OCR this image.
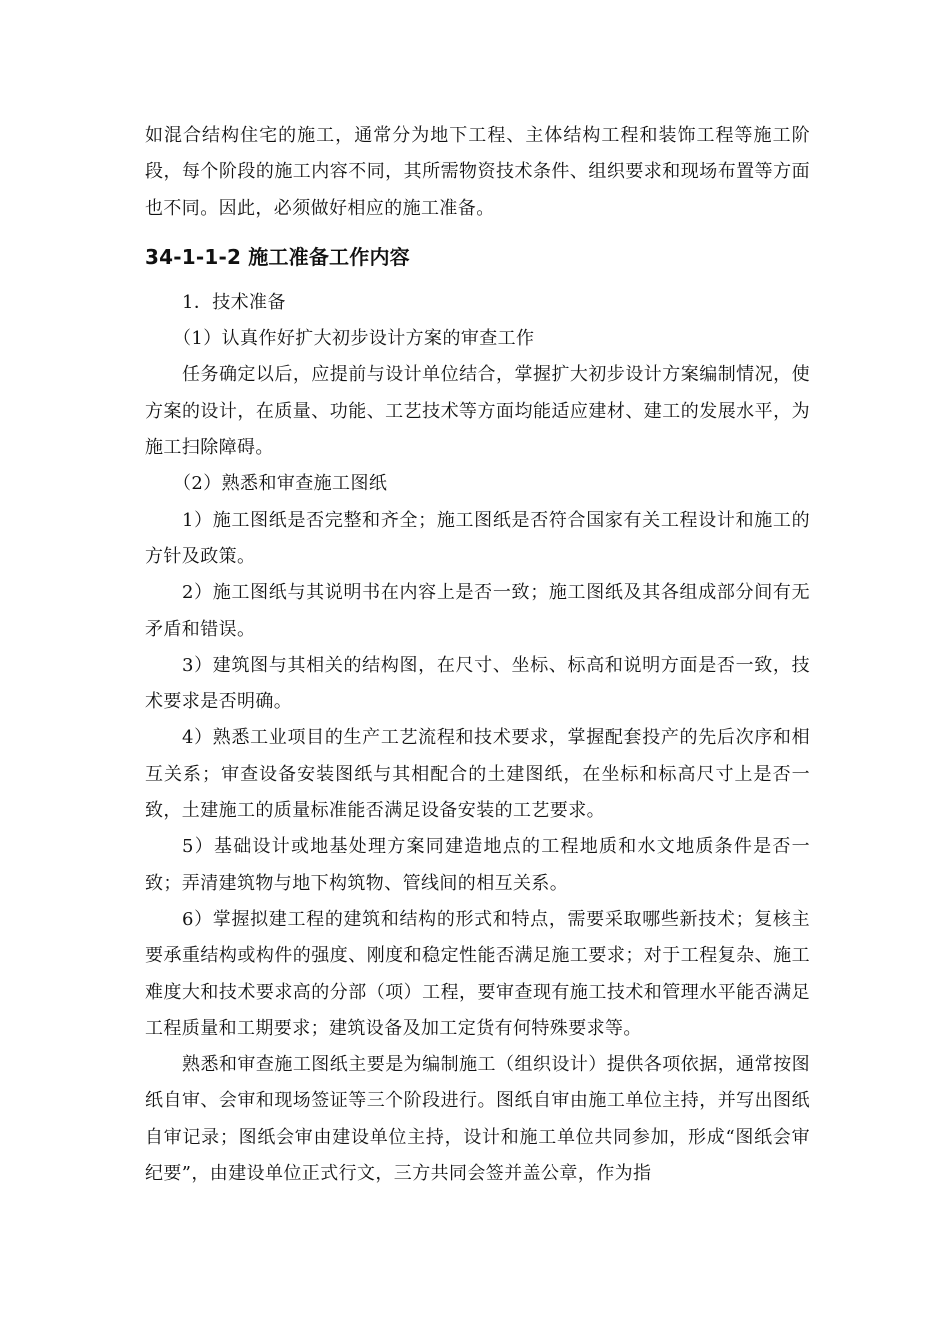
如混合结构住宅的施工，通常分为地下工程、主体结构工程和装饰工程等施工阶段，每个阶段的施工内容不同，其所需物资技术条件、组织要求和现场布置等方面也不同。因此，必须做好相应的施工准备。

34-1-1-2 施工准备工作内容

1．技术准备

（1）认真作好扩大初步设计方案的审查工作

任务确定以后，应提前与设计单位结合，掌握扩大初步设计方案编制情况，使方案的设计，在质量、功能、工艺技术等方面均能适应建材、建工的发展水平，为施工扫除障碍。

（2）熟悉和审查施工图纸

1）施工图纸是否完整和齐全；施工图纸是否符合国家有关工程设计和施工的方针及政策。

2）施工图纸与其说明书在内容上是否一致；施工图纸及其各组成部分间有无矛盾和错误。

3）建筑图与其相关的结构图，在尺寸、坐标、标高和说明方面是否一致，技术要求是否明确。

4）熟悉工业项目的生产工艺流程和技术要求，掌握配套投产的先后次序和相互关系；审查设备安装图纸与其相配合的土建图纸，在坐标和标高尺寸上是否一致，土建施工的质量标准能否满足设备安装的工艺要求。

5）基础设计或地基处理方案同建造地点的工程地质和水文地质条件是否一致；弄清建筑物与地下构筑物、管线间的相互关系。

6）掌握拟建工程的建筑和结构的形式和特点，需要采取哪些新技术；复核主要承重结构或构件的强度、刚度和稳定性能否满足施工要求；对于工程复杂、施工难度大和技术要求高的分部（项）工程，要审查现有施工技术和管理水平能否满足工程质量和工期要求；建筑设备及加工定货有何特殊要求等。

熟悉和审查施工图纸主要是为编制施工（组织设计）提供各项依据，通常按图纸自审、会审和现场签证等三个阶段进行。图纸自审由施工单位主持，并写出图纸自审记录；图纸会审由建设单位主持，设计和施工单位共同参加，形成“图纸会审纪要”，由建设单位正式行文，三方共同会签并盖公章，作为指
